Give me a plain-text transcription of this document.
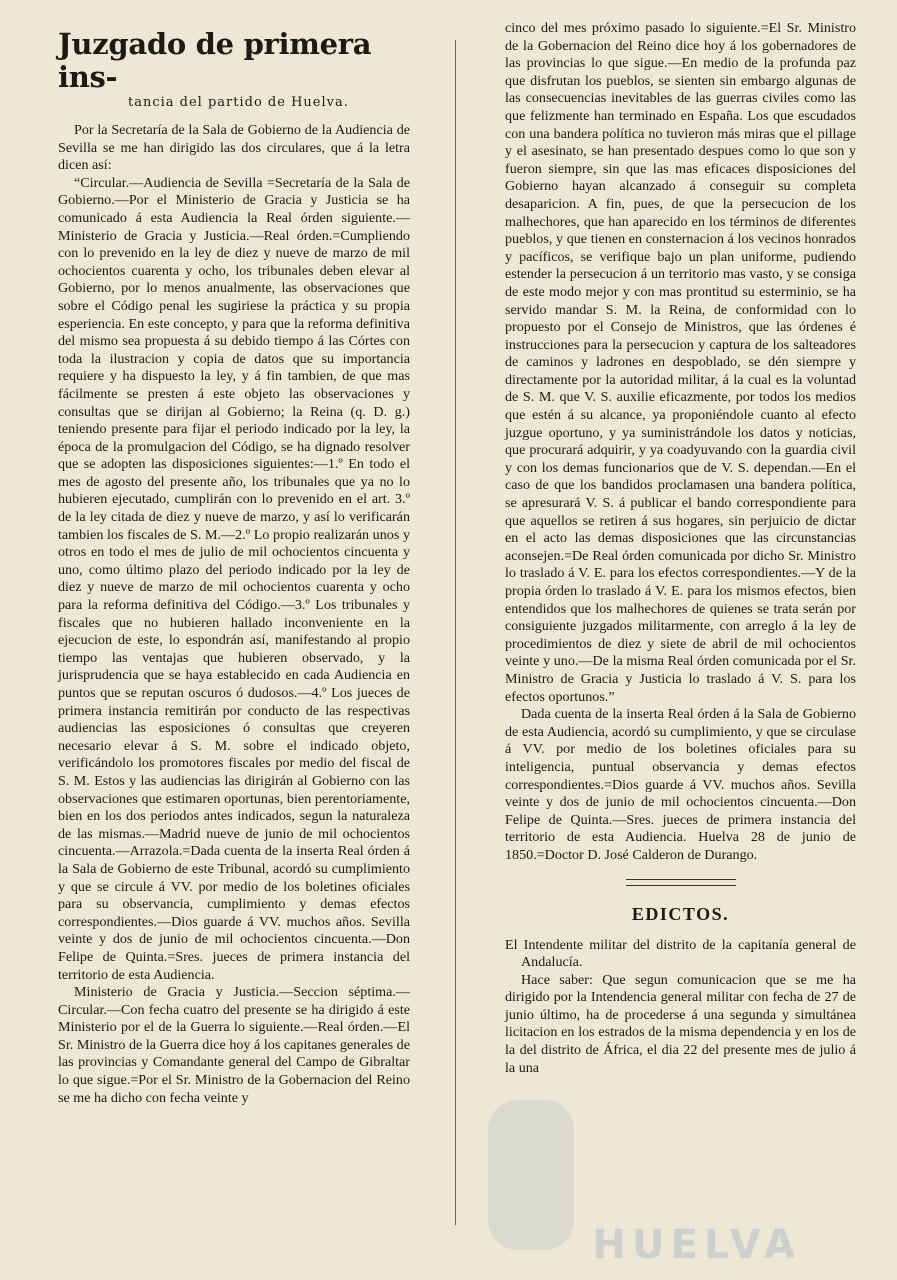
Juzgado de primera ins-

tancia del partido de Huelva.

Por la Secretaría de la Sala de Gobierno de la Audiencia de Sevilla se me han dirigido las dos circulares, que á la letra dicen así:

“Circular.—Audiencia de Sevilla =Secretaría de la Sala de Gobierno.—Por el Ministerio de Gracia y Justicia se ha comunicado á esta Audiencia la Real órden siguiente.—Ministerio de Gracia y Justicia.—Real órden.=Cumpliendo con lo prevenido en la ley de diez y nueve de marzo de mil ochocientos cuarenta y ocho, los tribunales deben elevar al Gobierno, por lo menos anualmente, las observaciones que sobre el Código penal les sugiriese la práctica y su propia esperiencia. En este concepto, y para que la reforma definitiva del mismo sea propuesta á su debido tiempo á las Córtes con toda la ilustracion y copia de datos que su importancia requiere y ha dispuesto la ley, y á fin tambien, de que mas fácilmente se presten á este objeto las observaciones y consultas que se dirijan al Gobierno; la Reina (q. D. g.) teniendo presente para fijar el periodo indicado por la ley, la época de la promulgacion del Código, se ha dignado resolver que se adopten las disposiciones siguientes:—1.º En todo el mes de agosto del presente año, los tribunales que ya no lo hubieren ejecutado, cumplirán con lo prevenido en el art. 3.º de la ley citada de diez y nueve de marzo, y así lo verificarán tambien los fiscales de S. M.—2.º Lo propio realizarán unos y otros en todo el mes de julio de mil ochocientos cincuenta y uno, como último plazo del periodo indicado por la ley de diez y nueve de marzo de mil ochocientos cuarenta y ocho para la reforma definitiva del Código.—3.º Los tribunales y fiscales que no hubieren hallado inconveniente en la ejecucion de este, lo espondrán así, manifestando al propio tiempo las ventajas que hubieren observado, y la jurisprudencia que se haya establecido en cada Audiencia en puntos que se reputan oscuros ó dudosos.—4.º Los jueces de primera instancia remitirán por conducto de las respectivas audiencias las esposiciones ó consultas que creyeren necesario elevar á S. M. sobre el indicado objeto, verificándolo los promotores fiscales por medio del fiscal de S. M. Estos y las audiencias las dirigirán al Gobierno con las observaciones que estimaren oportunas, bien perentoriamente, bien en los dos periodos antes indicados, segun la naturaleza de las mismas.—Madrid nueve de junio de mil ochocientos cincuenta.—Arrazola.=Dada cuenta de la inserta Real órden á la Sala de Gobierno de este Tribunal, acordó su cumplimiento y que se circule á VV. por medio de los boletines oficiales para su observancia, cumplimiento y demas efectos correspondientes.—Dios guarde á VV. muchos años. Sevilla veinte y dos de junio de mil ochocientos cincuenta.—Don Felipe de Quinta.=Sres. jueces de primera instancia del territorio de esta Audiencia.

Ministerio de Gracia y Justicia.—Seccion séptima.—Circular.—Con fecha cuatro del presente se ha dirigido á este Ministerio por el de la Guerra lo siguiente.—Real órden.—El Sr. Ministro de la Guerra dice hoy á los capitanes generales de las provincias y Comandante general del Campo de Gibraltar lo que sigue.=Por el Sr. Ministro de la Gobernacion del Reino se me ha dicho con fecha veinte y

cinco del mes próximo pasado lo siguiente.=El Sr. Ministro de la Gobernacion del Reino dice hoy á los gobernadores de las provincias lo que sigue.—En medio de la profunda paz que disfrutan los pueblos, se sienten sin embargo algunas de las consecuencias inevitables de las guerras civiles como las que felizmente han terminado en España. Los que escudados con una bandera política no tuvieron más miras que el pillage y el asesinato, se han presentado despues como lo que son y fueron siempre, sin que las mas eficaces disposiciones del Gobierno hayan alcanzado á conseguir su completa desaparicion. A fin, pues, de que la persecucion de los malhechores, que han aparecido en los términos de diferentes pueblos, y que tienen en consternacion á los vecinos honrados y pacíficos, se verifique bajo un plan uniforme, pudiendo estender la persecucion á un territorio mas vasto, y se consiga de este modo mejor y con mas prontitud su esterminio, se ha servido mandar S. M. la Reina, de conformidad con lo propuesto por el Consejo de Ministros, que las órdenes é instrucciones para la persecucion y captura de los salteadores de caminos y ladrones en despoblado, se dén siempre y directamente por la autoridad militar, á la cual es la voluntad de S. M. que V. S. auxilie eficazmente, por todos los medios que estén á su alcance, ya proponiéndole cuanto al efecto juzgue oportuno, y ya suministrándole los datos y noticias, que procurará adquirir, y ya coadyuvando con la guardia civil y con los demas funcionarios que de V. S. dependan.—En el caso de que los bandidos proclamasen una bandera política, se apresurará V. S. á publicar el bando correspondiente para que aquellos se retiren á sus hogares, sin perjuicio de dictar en el acto las demas disposiciones que las circunstancias aconsejen.=De Real órden comunicada por dicho Sr. Ministro lo traslado á V. E. para los efectos correspondientes.—Y de la propia órden lo traslado á V. E. para los mismos efectos, bien entendidos que los malhechores de quienes se trata serán por consiguiente juzgados militarmente, con arreglo á la ley de procedimientos de diez y siete de abril de mil ochocientos veinte y uno.—De la misma Real órden comunicada por el Sr. Ministro de Gracia y Justicia lo traslado á V. S. para los efectos oportunos.”

Dada cuenta de la inserta Real órden á la Sala de Gobierno de esta Audiencia, acordó su cumplimiento, y que se circulase á VV. por medio de los boletines oficiales para su inteligencia, puntual observancia y demas efectos correspondientes.=Dios guarde á VV. muchos años. Sevilla veinte y dos de junio de mil ochocientos cincuenta.—Don Felipe de Quinta.—Sres. jueces de primera instancia del territorio de esta Audiencia. Huelva 28 de junio de 1850.=Doctor D. José Calderon de Durango.

EDICTOS.

El Intendente militar del distrito de la capitanía general de Andalucía.

Hace saber: Que segun comunicacion que se me ha dirigido por la Intendencia general militar con fecha de 27 de junio último, ha de procederse á una segunda y simultánea licitacion en los estrados de la misma dependencia y en los de la del distrito de África, el dia 22 del presente mes de julio á la una

HUELVA
